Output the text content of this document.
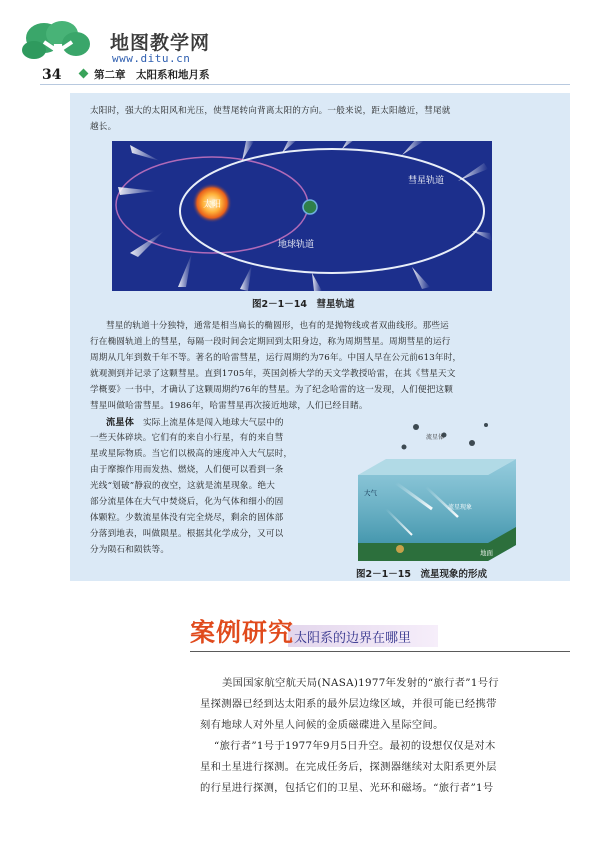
地图教学网
www.ditu.cn
34	第二章　太阳系和地月系
太阳时，强大的太阳风和光压，使彗尾转向背离太阳的方向。一般来说，距太阳越近，彗尾就
越长。
太阳
彗星轨道
地球轨道
图2－1－14　彗星轨道
彗星的轨道十分独特，通常是相当扁长的椭圆形，也有的是抛物线或者双曲线形。那些运
行在椭圆轨道上的彗星，每隔一段时间会定期回到太阳身边，称为周期彗星。周期彗星的运行
周期从几年到数千年不等。著名的哈雷彗星，运行周期约为76年。中国人早在公元前613年时，
就观测到并记录了这颗彗星。直到1705年，英国剑桥大学的天文学教授哈雷，在其《彗星天文
学概要》一书中，才确认了这颗周期约76年的彗星。为了纪念哈雷的这一发现，人们便把这颗
彗星叫做哈雷彗星。1986年，哈雷彗星再次接近地球，人们已经目睹。
流星体　 实际上流星体是闯入地球大气层中的
一些天体碎块。它们有的来自小行星，有的来自彗
星或星际物质。当它们以极高的速度冲入大气层时，
由于摩擦作用而发热、燃烧，人们便可以看到一条
光线“划破”静寂的夜空，这就是流星现象。绝大
部分流星体在大气中焚烧后，化为气体和细小的固
体颗粒。少数流星体没有完全烧尽，剩余的固体部
分落到地表，叫做陨星。根据其化学成分，又可以
分为陨石和陨铁等。
流星体
大气
流星现象
地面
图2－1－15　流星现象的形成
案例研究 太阳系的边界在哪里
美国国家航空航天局(NASA)1977年发射的“旅行者”1号行
星探测器已经到达太阳系的最外层边缘区域，并很可能已经携带
刻有地球人对外星人问候的金质磁碟进入星际空间。
“旅行者”1号于1977年9月5日升空。最初的设想仅仅是对木
星和土星进行探测。在完成任务后，探测器继续对太阳系更外层
的行星进行探测，包括它们的卫星、光环和磁场。“旅行者”1号
